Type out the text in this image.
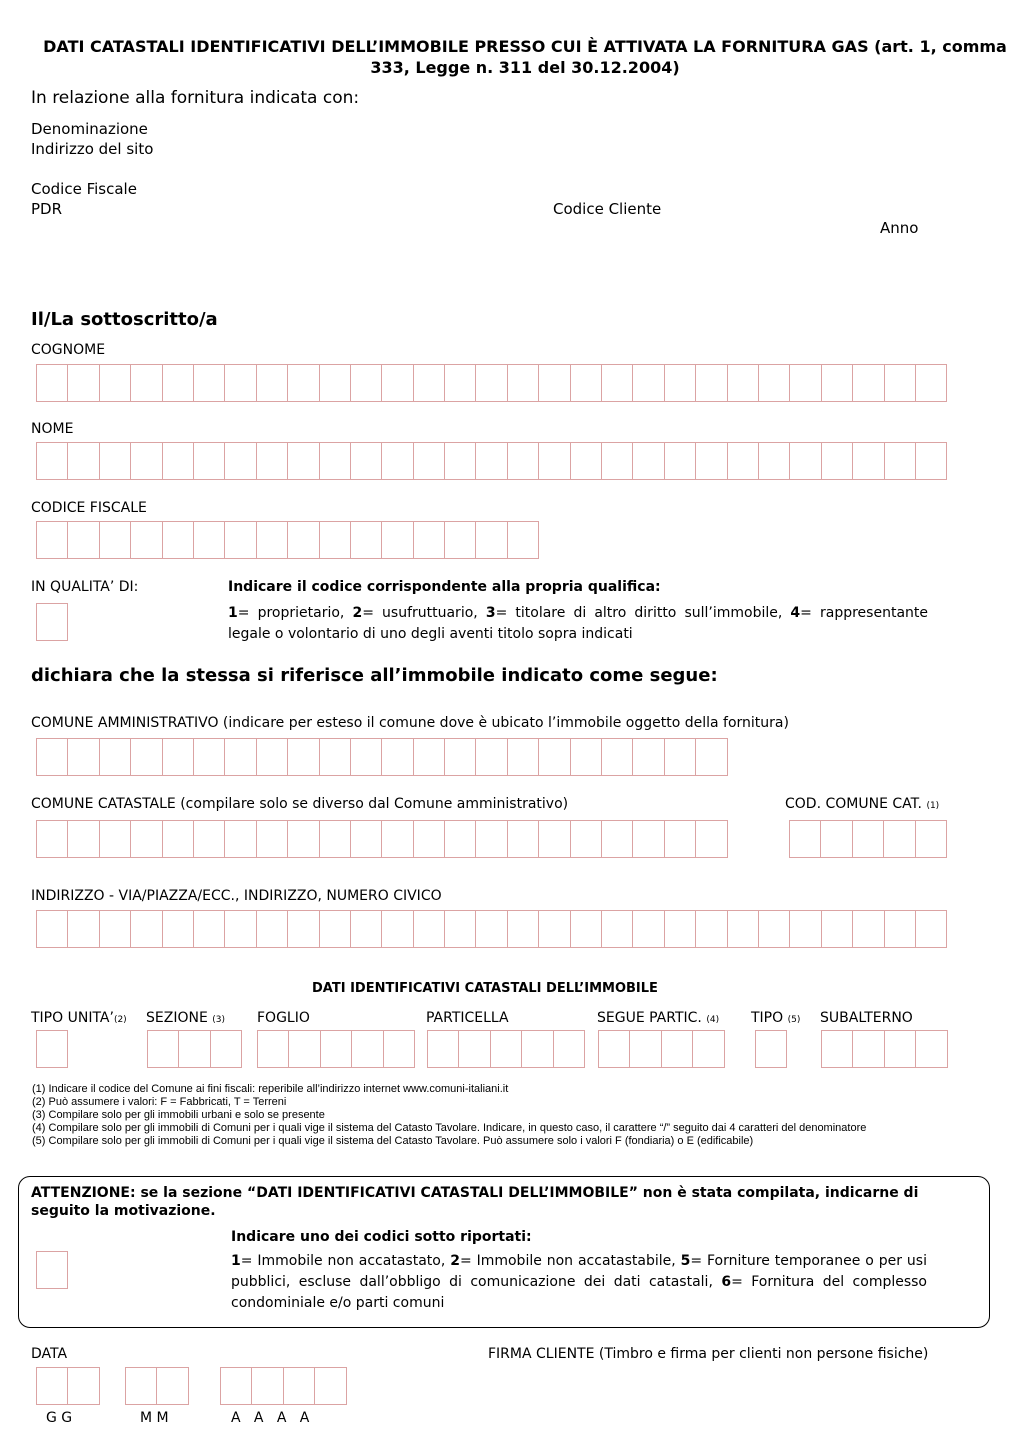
DATI CATASTALI IDENTIFICATIVI DELL’IMMOBILE PRESSO CUI È ATTIVATA LA FORNITURA GAS (art. 1, comma 333, Legge n. 311 del 30.12.2004)
In relazione alla fornitura indicata con:
Denominazione
Indirizzo del sito
Codice Fiscale
PDR	Codice Cliente
Anno
Il/La sottoscritto/a
COGNOME
NOME
CODICE FISCALE
IN QUALITA’ DI:	Indicare il codice corrispondente alla propria qualifica:
1= proprietario, 2= usufruttuario, 3= titolare di altro diritto sull’immobile, 4= rappresentante legale o volontario di uno degli aventi titolo sopra indicati
dichiara che la stessa si riferisce all’immobile indicato come segue:
COMUNE AMMINISTRATIVO (indicare per esteso il comune dove è ubicato l’immobile oggetto della fornitura)
COMUNE CATASTALE (compilare solo se diverso dal Comune amministrativo)	COD. COMUNE CAT. (1)
INDIRIZZO - VIA/PIAZZA/ECC., INDIRIZZO, NUMERO CIVICO
DATI IDENTIFICATIVI CATASTALI DELL’IMMOBILE
TIPO UNITA’(2) SEZIONE (3) FOGLIO	PARTICELLA	SEGUE PARTIC. (4) TIPO (5) SUBALTERNO
(1) Indicare il codice del Comune ai fini fiscali: reperibile all’indirizzo internet www.comuni-italiani.it
(2) Può assumere i valori: F = Fabbricati, T = Terreni
(3) Compilare solo per gli immobili urbani e solo se presente
(4) Compilare solo per gli immobili di Comuni per i quali vige il sistema del Catasto Tavolare. Indicare, in questo caso, il carattere “/” seguito dai 4 caratteri del denominatore
(5) Compilare solo per gli immobili di Comuni per i quali vige il sistema del Catasto Tavolare. Può assumere solo i valori F (fondiaria) o E (edificabile)
ATTENZIONE: se la sezione “DATI IDENTIFICATIVI CATASTALI DELL’IMMOBILE” non è stata compilata, indicarne di seguito la motivazione.
Indicare uno dei codici sotto riportati:
1= Immobile non accatastato, 2= Immobile non accatastabile, 5= Forniture temporanee o per usi pubblici, escluse dall’obbligo di comunicazione dei dati catastali, 6= Fornitura del complesso condominiale e/o parti comuni
DATA	FIRMA CLIENTE (Timbro e firma per clienti non persone fisiche)
G G	M M	A   A   A   A
